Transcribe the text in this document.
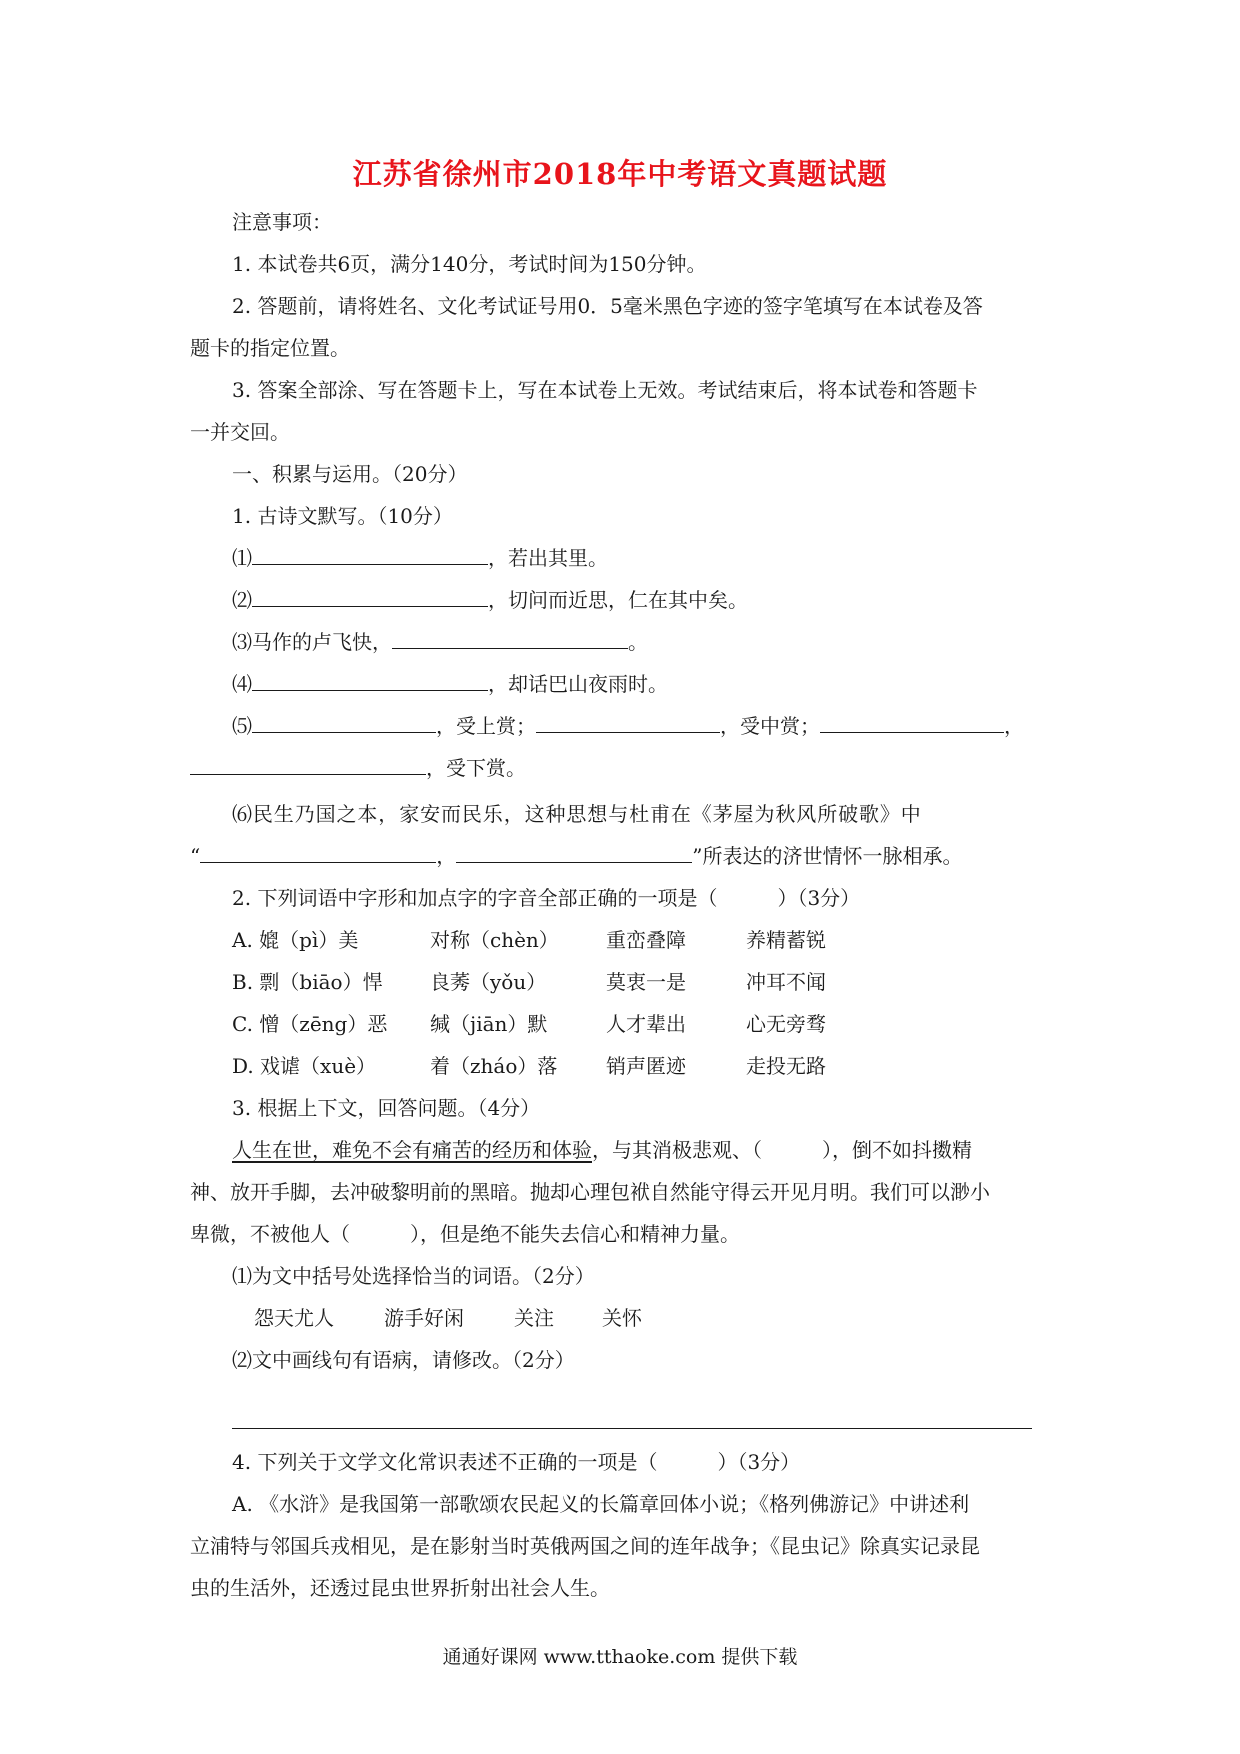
江苏省徐州市2018年中考语文真题试题
注意事项：
1. 本试卷共6页，满分140分，考试时间为150分钟。
2. 答题前，请将姓名、文化考试证号用0．5毫米黑色字迹的签字笔填写在本试卷及答
题卡的指定位置。
3. 答案全部涂、写在答题卡上，写在本试卷上无效。考试结束后，将本试卷和答题卡
一并交回。
一、积累与运用。（20分）
1. 古诗文默写。（10分）
⑴	，若出其里。
⑵	，切问而近思，仁在其中矣。
⑶马作的卢飞快，	。
⑷	，却话巴山夜雨时。
⑸	，受上赏；	，受中赏；	，
，受下赏。
⑹民生乃国之本，家安而民乐，这种思想与杜甫在《茅屋为秋风所破歌》中
“	，	”所表达的济世情怀一脉相承。
2. 下列词语中字形和加点字的字音全部正确的一项是（　　　）（3分）
A. 媲（pì）美	对称（chèn） 重峦叠障	养精蓄锐
B. 剽（biāo）悍 良莠（yǒu）	莫衷一是	冲耳不闻
C. 憎（zēng）恶 缄（jiān）默	人才辈出	心无旁骛
D. 戏谑（xuè）	着（zháo）落 销声匿迹	走投无路
3. 根据上下文，回答问题。（4分）
人生在世，难免不会有痛苦的经历和体验，与其消极悲观、（　　　），倒不如抖擞精
神、放开手脚，去冲破黎明前的黑暗。抛却心理包袱自然能守得云开见月明。我们可以渺小
卑微，不被他人（　　　），但是绝不能失去信心和精神力量。
⑴为文中括号处选择恰当的词语。（2分）
怨天尤人	游手好闲	关注 关怀
⑵文中画线句有语病，请修改。（2分）
4. 下列关于文学文化常识表述不正确的一项是（　　　）（3分）
A. 《水浒》是我国第一部歌颂农民起义的长篇章回体小说；《格列佛游记》中讲述利
立浦特与邻国兵戎相见，是在影射当时英俄两国之间的连年战争；《昆虫记》除真实记录昆
虫的生活外，还透过昆虫世界折射出社会人生。
通通好课网 www.tthaoke.com 提供下载
